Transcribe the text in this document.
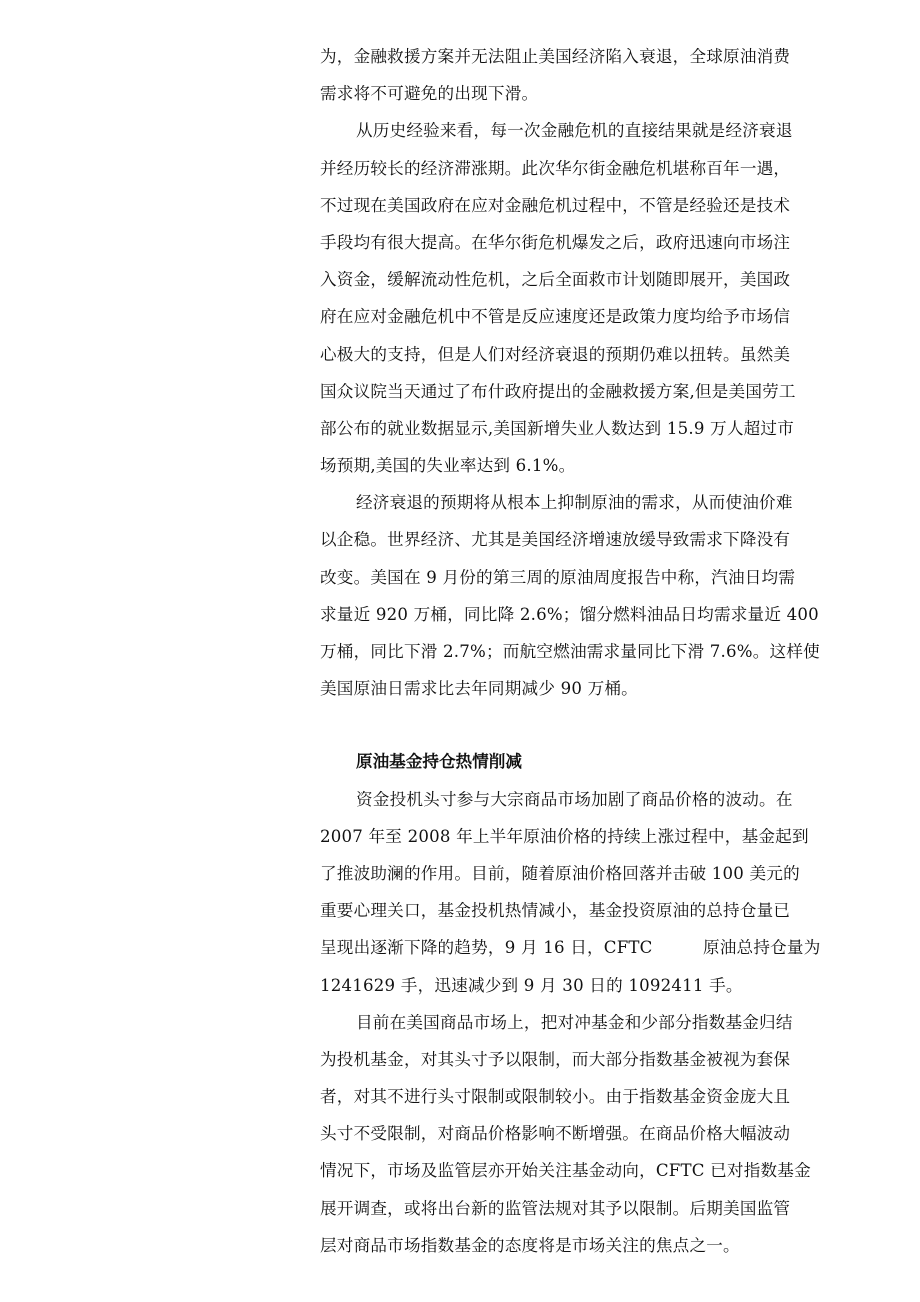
为，金融救援方案并无法阻止美国经济陷入衰退，全球原油消费
需求将不可避免的出现下滑。
从历史经验来看，每一次金融危机的直接结果就是经济衰退
并经历较长的经济滞涨期。此次华尔街金融危机堪称百年一遇，
不过现在美国政府在应对金融危机过程中，不管是经验还是技术
手段均有很大提高。在华尔街危机爆发之后，政府迅速向市场注
入资金，缓解流动性危机，之后全面救市计划随即展开，美国政
府在应对金融危机中不管是反应速度还是政策力度均给予市场信
心极大的支持，但是人们对经济衰退的预期仍难以扭转。虽然美
国众议院当天通过了布什政府提出的金融救援方案,但是美国劳工
部公布的就业数据显示,美国新增失业人数达到 15.9 万人超过市
场预期,美国的失业率达到 6.1%。
经济衰退的预期将从根本上抑制原油的需求，从而使油价难
以企稳。世界经济、尤其是美国经济增速放缓导致需求下降没有
改变。美国在 9 月份的第三周的原油周度报告中称，汽油日均需
求量近 920 万桶，同比降 2.6%；馏分燃料油品日均需求量近 400
万桶，同比下滑 2.7%；而航空燃油需求量同比下滑 7.6%。这样使
美国原油日需求比去年同期减少 90 万桶。
原油基金持仓热情削减
资金投机头寸参与大宗商品市场加剧了商品价格的波动。在
2007 年至 2008 年上半年原油价格的持续上涨过程中，基金起到
了推波助澜的作用。目前，随着原油价格回落并击破 100 美元的
重要心理关口，基金投机热情减小，基金投资原油的总持仓量已
呈现出逐渐下降的趋势，9 月 16 日，CFTC　　　原油总持仓量为
1241629 手，迅速减少到 9 月 30 日的 1092411 手。
目前在美国商品市场上，把对冲基金和少部分指数基金归结
为投机基金，对其头寸予以限制，而大部分指数基金被视为套保
者，对其不进行头寸限制或限制较小。由于指数基金资金庞大且
头寸不受限制，对商品价格影响不断增强。在商品价格大幅波动
情况下，市场及监管层亦开始关注基金动向，CFTC 已对指数基金
展开调查，或将出台新的监管法规对其予以限制。后期美国监管
层对商品市场指数基金的态度将是市场关注的焦点之一。
